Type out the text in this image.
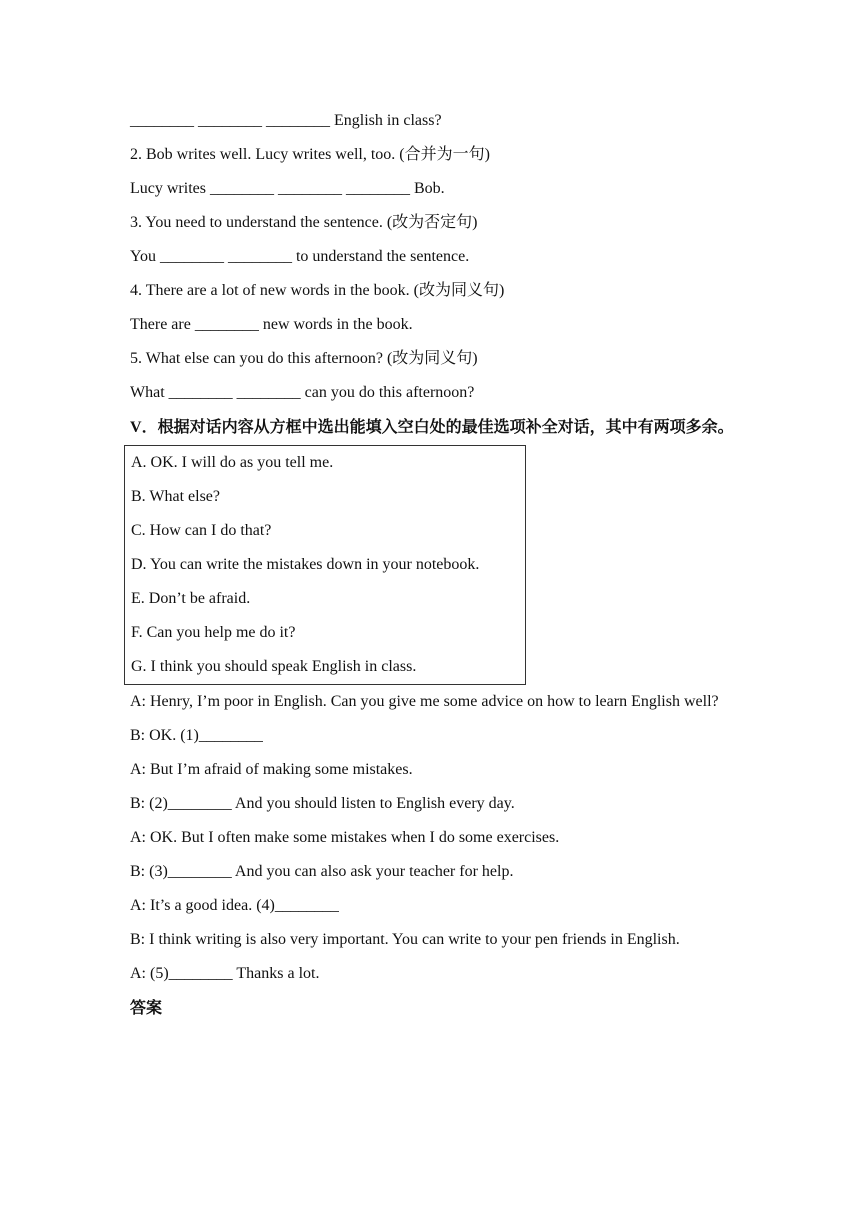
________ ________ ________ English in class?
2. Bob writes well. Lucy writes well, too. (合并为一句)
Lucy writes ________ ________ ________ Bob.
3. You need to understand the sentence. (改为否定句)
You ________ ________ to understand the sentence.
4. There are a lot of new words in the book. (改为同义句)
There are ________ new words in the book.
5. What else can you do this afternoon? (改为同义句)
What ________ ________ can you do this afternoon?
V．根据对话内容从方框中选出能填入空白处的最佳选项补全对话，其中有两项多余。
A. OK. I will do as you tell me.
B. What else?
C. How can I do that?
D. You can write the mistakes down in your notebook.
E. Don’t be afraid.
F. Can you help me do it?
G. I think you should speak English in class.
A: Henry, I’m poor in English. Can you give me some advice on how to learn English well?
B: OK. (1)________
A: But I’m afraid of making some mistakes.
B: (2)________ And you should listen to English every day.
A: OK. But I often make some mistakes when I do some exercises.
B: (3)________ And you can also ask your teacher for help.
A: It’s a good idea. (4)________
B: I think writing is also very important. You can write to your pen friends in English.
A: (5)________ Thanks a lot.
答案
